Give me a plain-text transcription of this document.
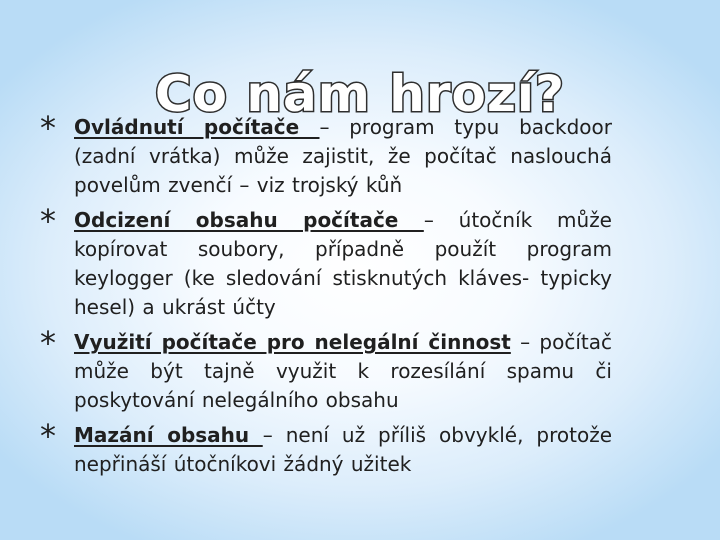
Co nám hrozí?
* Ovládnutí počítače – program typu backdoor (zadní vrátka) může zajistit, že počítač naslouchá povelům zvenčí – viz trojský kůň
* Odcizení obsahu počítače – útočník může kopírovat soubory, případně použít program keylogger (ke sledování stisknutých kláves- typicky hesel) a ukrást účty
* Využití počítače pro nelegální činnost – počítač může být tajně využit k rozesílání spamu či poskytování nelegálního obsahu
* Mazání obsahu – není už příliš obvyklé, protože nepřináší útočníkovi žádný užitek
